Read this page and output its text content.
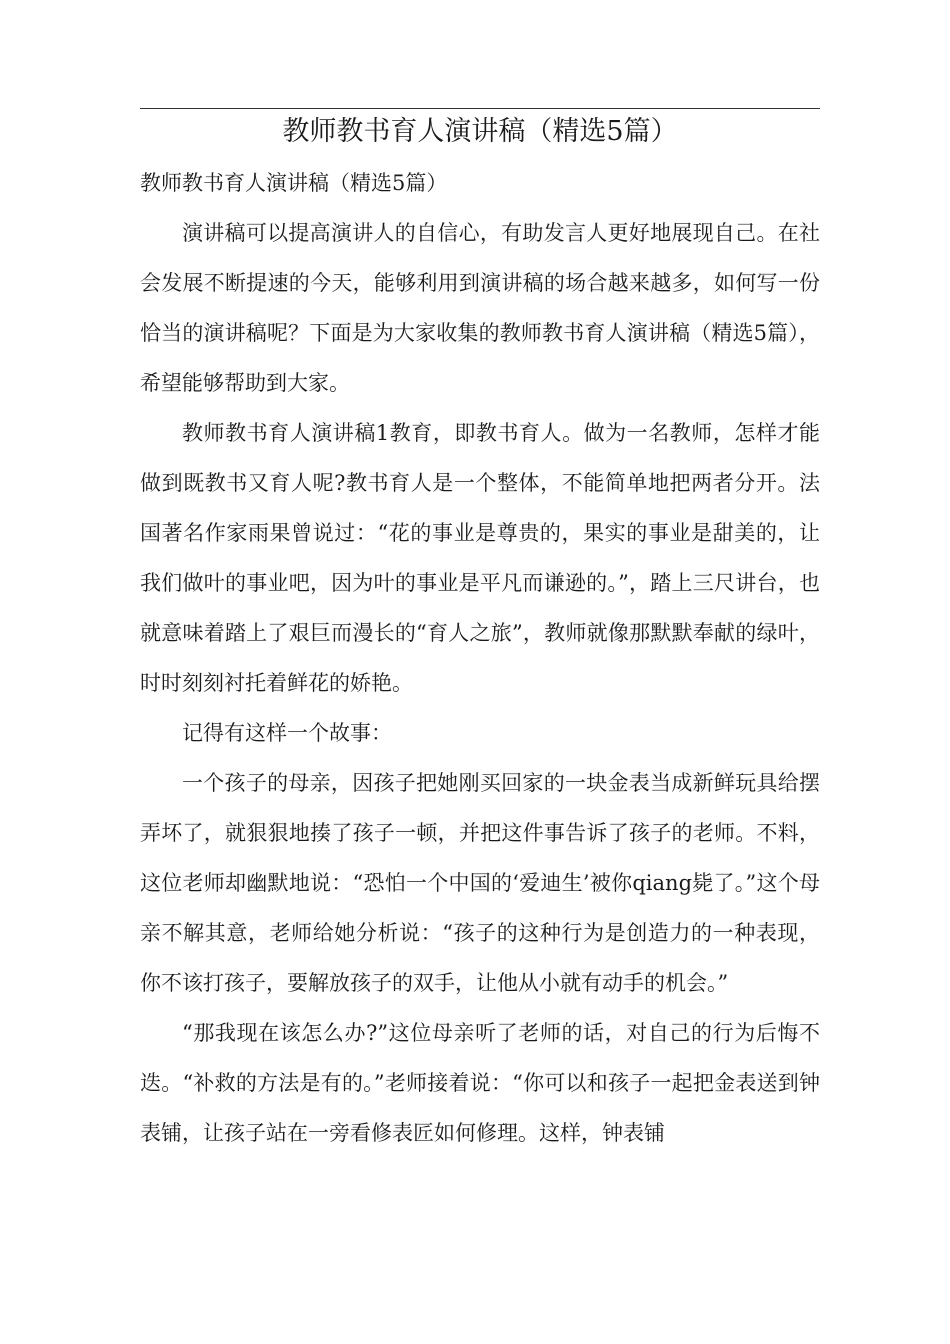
教师教书育人演讲稿（精选5篇）

教师教书育人演讲稿（精选5篇）

演讲稿可以提高演讲人的自信心，有助发言人更好地展现自己。在社会发展不断提速的今天，能够利用到演讲稿的场合越来越多，如何写一份恰当的演讲稿呢？下面是为大家收集的教师教书育人演讲稿（精选5篇），希望能够帮助到大家。

教师教书育人演讲稿1教育，即教书育人。做为一名教师，怎样才能做到既教书又育人呢?教书育人是一个整体，不能简单地把两者分开。法国著名作家雨果曾说过：“花的事业是尊贵的，果实的事业是甜美的，让我们做叶的事业吧，因为叶的事业是平凡而谦逊的。”，踏上三尺讲台，也就意味着踏上了艰巨而漫长的“育人之旅”，教师就像那默默奉献的绿叶，时时刻刻衬托着鲜花的娇艳。

记得有这样一个故事：

一个孩子的母亲，因孩子把她刚买回家的一块金表当成新鲜玩具给摆弄坏了，就狠狠地揍了孩子一顿，并把这件事告诉了孩子的老师。不料，这位老师却幽默地说：“恐怕一个中国的‘爱迪生’被你qiang毙了。”这个母亲不解其意，老师给她分析说：“孩子的这种行为是创造力的一种表现，你不该打孩子，要解放孩子的双手，让他从小就有动手的机会。”

“那我现在该怎么办?”这位母亲听了老师的话，对自己的行为后悔不迭。“补救的方法是有的。”老师接着说：“你可以和孩子一起把金表送到钟表铺，让孩子站在一旁看修表匠如何修理。这样，钟表铺
